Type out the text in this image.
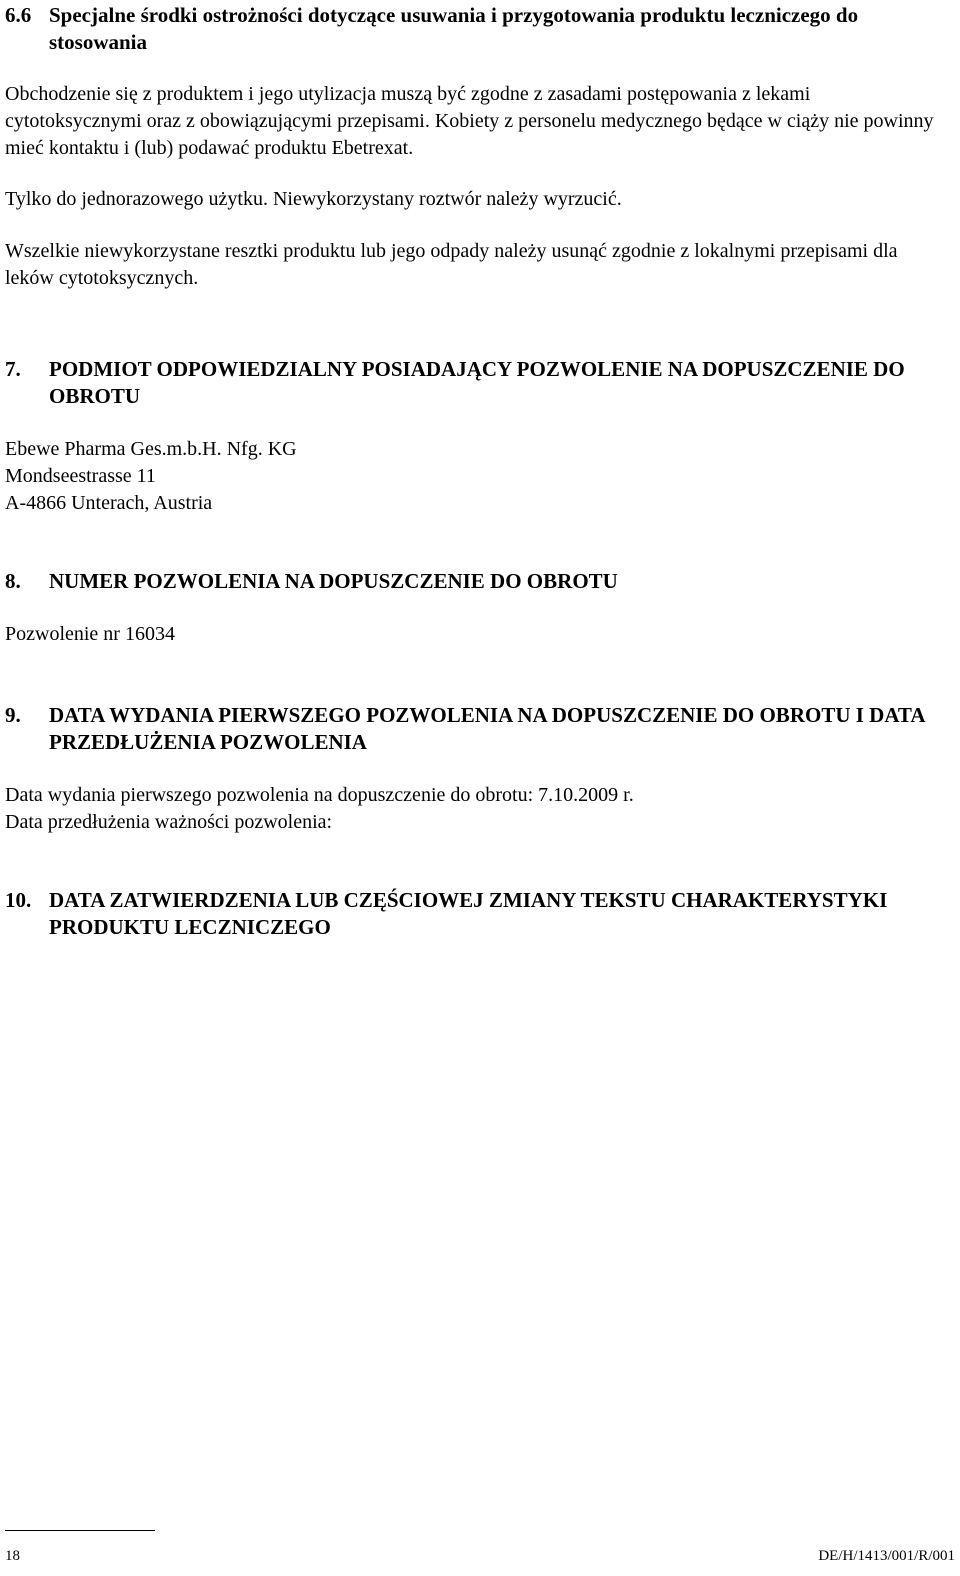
6.6 Specjalne środki ostrożności dotyczące usuwania i przygotowania produktu leczniczego do stosowania
Obchodzenie się z produktem i jego utylizacja muszą być zgodne z zasadami postępowania z lekami cytotoksycznymi oraz z obowiązującymi przepisami. Kobiety z personelu medycznego będące w ciąży nie powinny mieć kontaktu i (lub) podawać produktu Ebetrexat.
Tylko do jednorazowego użytku. Niewykorzystany roztwór należy wyrzucić.
Wszelkie niewykorzystane resztki produktu lub jego odpady należy usunąć zgodnie z lokalnymi przepisami dla leków cytotoksycznych.
7.	PODMIOT ODPOWIEDZIALNY POSIADAJĄCY POZWOLENIE NA DOPUSZCZENIE DO OBROTU
Ebewe Pharma Ges.m.b.H. Nfg. KG
Mondseestrasse 11
A-4866 Unterach, Austria
8.	NUMER POZWOLENIA NA DOPUSZCZENIE DO OBROTU
Pozwolenie nr 16034
9.	DATA WYDANIA PIERWSZEGO POZWOLENIA NA DOPUSZCZENIE DO OBROTU I DATA PRZEDŁUŻENIA POZWOLENIA
Data wydania pierwszego pozwolenia na dopuszczenie do obrotu: 7.10.2009 r.
Data przedłużenia ważności pozwolenia:
10. DATA ZATWIERDZENIA LUB CZĘŚCIOWEJ ZMIANY TEKSTU CHARAKTERYSTYKI PRODUKTU LECZNICZEGO
18	DE/H/1413/001/R/001
